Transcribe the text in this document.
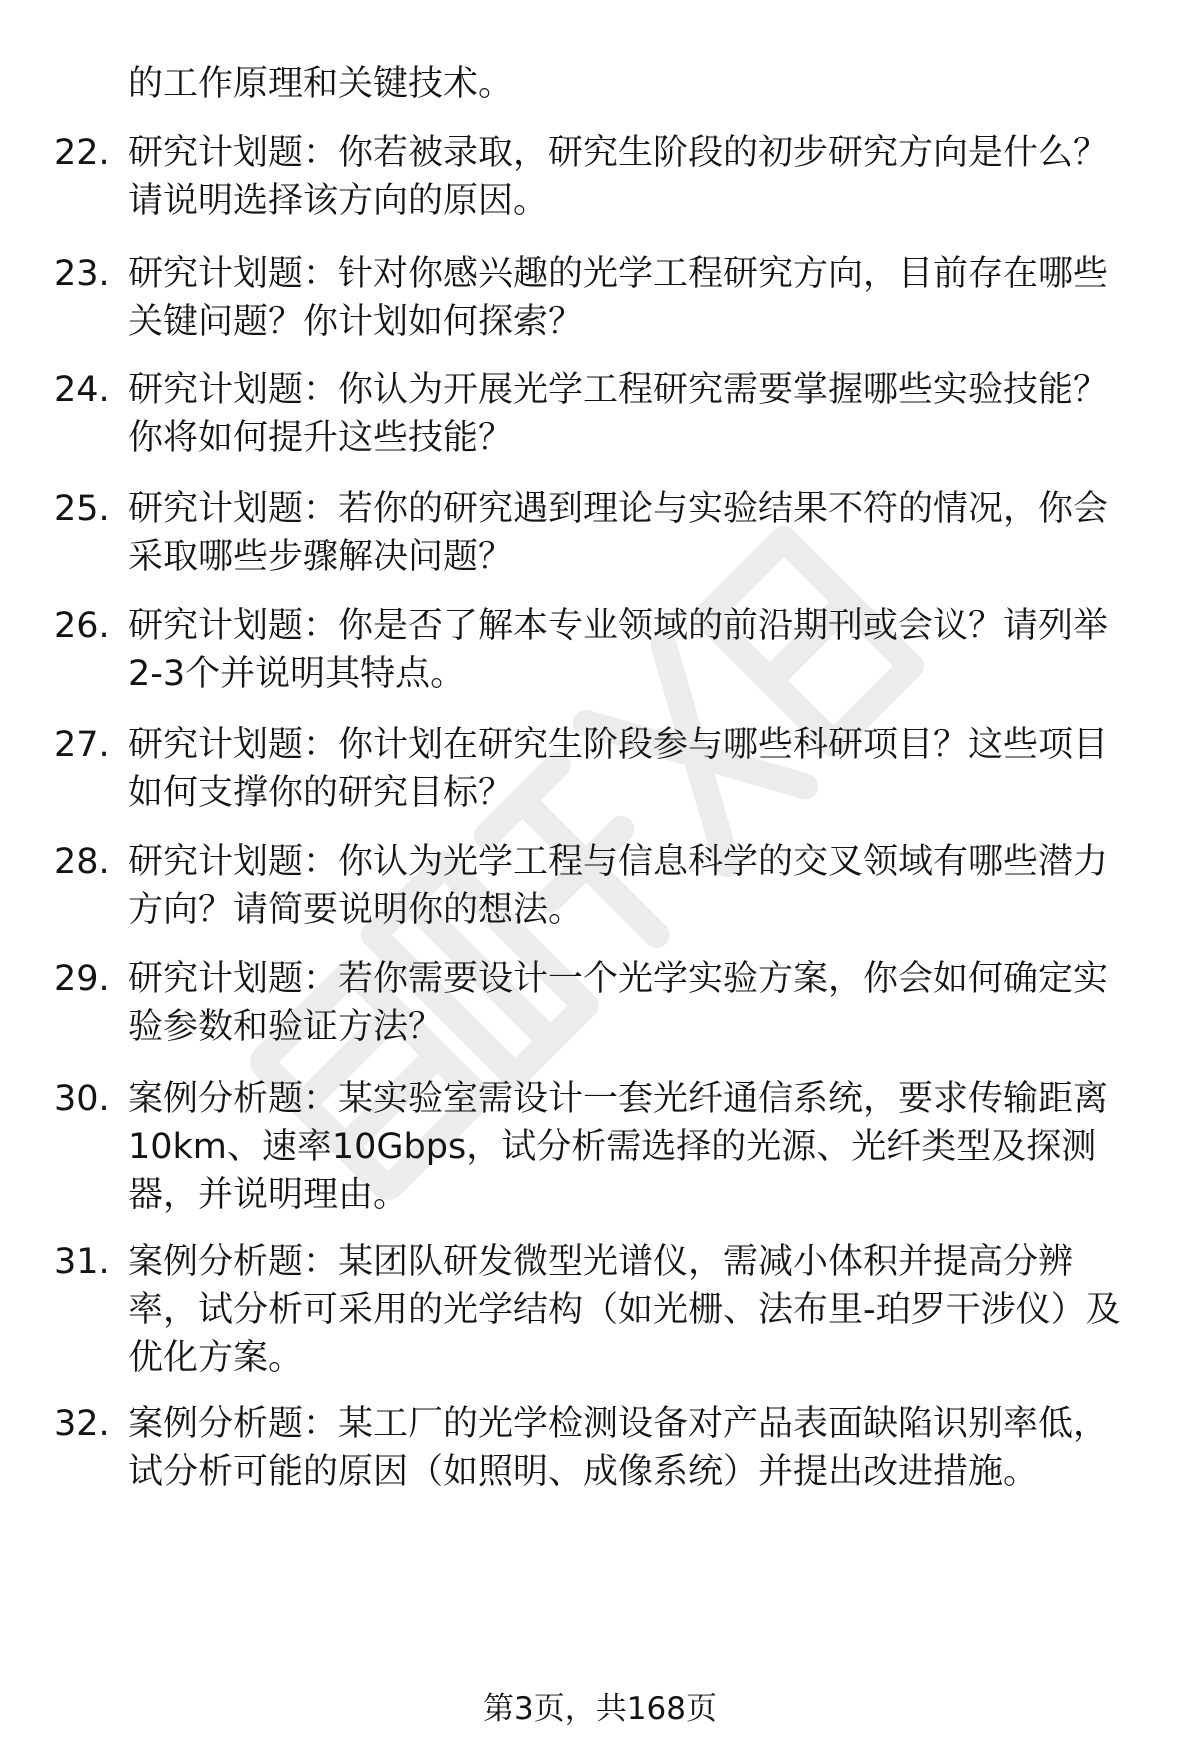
的工作原理和关键技术。
22. 研究计划题：你若被录取，研究生阶段的初步研究方向是什么？
请说明选择该方向的原因。
23. 研究计划题：针对你感兴趣的光学工程研究方向，目前存在哪些
关键问题？你计划如何探索？
24. 研究计划题：你认为开展光学工程研究需要掌握哪些实验技能？
你将如何提升这些技能？
25. 研究计划题：若你的研究遇到理论与实验结果不符的情况，你会
采取哪些步骤解决问题？
26. 研究计划题：你是否了解本专业领域的前沿期刊或会议？请列举
2-3个并说明其特点。
27. 研究计划题：你计划在研究生阶段参与哪些科研项目？这些项目
如何支撑你的研究目标？
28. 研究计划题：你认为光学工程与信息科学的交叉领域有哪些潜力
方向？请简要说明你的想法。
29. 研究计划题：若你需要设计一个光学实验方案，你会如何确定实
验参数和验证方法？
30. 案例分析题：某实验室需设计一套光纤通信系统，要求传输距离
10km、速率10Gbps，试分析需选择的光源、光纤类型及探测
器，并说明理由。
31. 案例分析题：某团队研发微型光谱仪，需减小体积并提高分辨
率，试分析可采用的光学结构（如光栅、法布里-珀罗干涉仪）及
优化方案。
32. 案例分析题：某工厂的光学检测设备对产品表面缺陷识别率低，
试分析可能的原因（如照明、成像系统）并提出改进措施。
第3页，共168页
